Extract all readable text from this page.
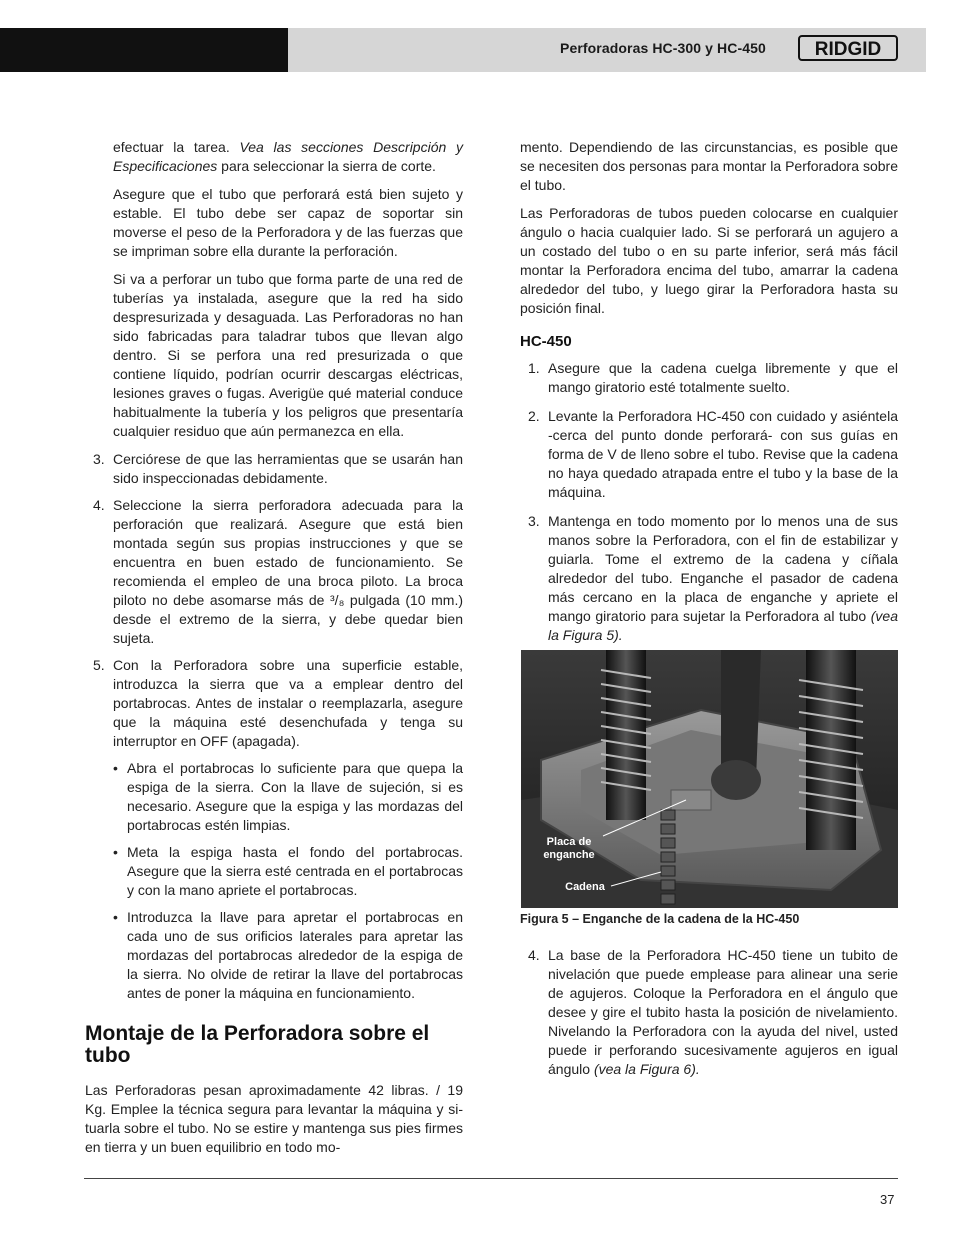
Perforadoras HC-300 y HC-450	RIDGID

efectuar la tarea. Vea las secciones Descripción y Especificaciones para seleccionar la sierra de corte.

Asegure que el tubo que perforará está bien sujeto y estable. El tubo debe ser capaz de soportar sin moverse el peso de la Perforadora y de las fuerzas que se impriman sobre ella durante la perforación.

Si va a perforar un tubo que forma parte de una red de tuberías ya instalada, asegure que la red ha sido despresurizada y desaguada. Las Perforadoras no han sido fabricadas para taladrar tubos que llevan algo dentro. Si se perfora una red presurizada o que contiene líquido, podrían ocurrir descargas eléctricas, lesiones graves o fugas. Averigüe qué material conduce habitualmente la tubería y los peligros que presentaría cualquier residuo que aún permanezca en ella.

3. Cerciórese de que las herramientas que se usarán han sido inspeccionadas debidamente.
4. Seleccione la sierra perforadora adecuada para la perforación que realizará. Asegure que está bien montada según sus propias instrucciones y que se encuentra en buen estado de funcionamiento. Se recomienda el empleo de una broca piloto. La broca piloto no debe asomarse más de ³/₈ pulgada (10 mm.) desde el extremo de la sierra, y debe quedar bien sujeta.
5. Con la Perforadora sobre una superficie estable, introduzca la sierra que va a emplear dentro del portabrocas. Antes de instalar o reemplazarla, asegure que la máquina esté desenchufada y tenga su interruptor en OFF (apagada).
• Abra el portabrocas lo suficiente para que quepa la espiga de la sierra. Con la llave de sujeción, si es necesario. Asegure que la espiga y las mordazas del portabrocas estén limpias.
• Meta la espiga hasta el fondo del portabrocas. Asegure que la sierra esté centrada en el portabrocas y con la mano apriete el portabrocas.
• Introduzca la llave para apretar el portabrocas en cada uno de sus orificios laterales para apretar las mordazas del portabrocas alrededor de la espiga de la sierra. No olvide de retirar la llave del portabrocas antes de poner la máquina en funcionamiento.
Montaje de la Perforadora sobre el tubo

Las Perforadoras pesan aproximadamente 42 libras. / 19 Kg. Emplee la técnica segura para levantar la máquina y si-tuarla sobre el tubo. No se estire y mantenga sus pies firmes en tierra y un buen equilibrio en todo mo-

mento. Dependiendo de las circunstancias, es posible que se necesiten dos personas para montar la Perforadora sobre el tubo.

Las Perforadoras de tubos pueden colocarse en cualquier ángulo o hacia cualquier lado. Si se perforará un agujero a un costado del tubo o en su parte inferior, será más fácil montar la Perforadora encima del tubo, amarrar la cadena alrededor del tubo, y luego girar la Perforadora hasta su posición final.

HC-450
1. Asegure que la cadena cuelga libremente y que el mango giratorio esté totalmente suelto.
2. Levante la Perforadora HC-450 con cuidado y asiéntela -cerca del punto donde perforará- con sus guías en forma de V de lleno sobre el tubo. Revise que la cadena no haya quedado atrapada entre el tubo y la base de la máquina.
3. Mantenga en todo momento por lo menos una de sus manos sobre la Perforadora, con el fin de estabilizar y guiarla. Tome el extremo de la cadena y cíñala alrededor del tubo. Enganche el pasador de cadena más cercano en la placa de enganche y apriete el mango giratorio para sujetar la Perforadora al tubo (vea la Figura 5).
Placa de
enganche
Cadena
Figura 5 – Enganche de la cadena de la HC-450
4. La base de la Perforadora HC-450 tiene un tubito de nivelación que puede emplease para alinear una serie de agujeros. Coloque la Perforadora en el ángulo que desee y gire el tubito hasta la posición de nivelamiento. Nivelando la Perforadora con la ayuda del nivel, usted puede ir perforando sucesivamente agujeros en igual ángulo (vea la Figura 6).
37
